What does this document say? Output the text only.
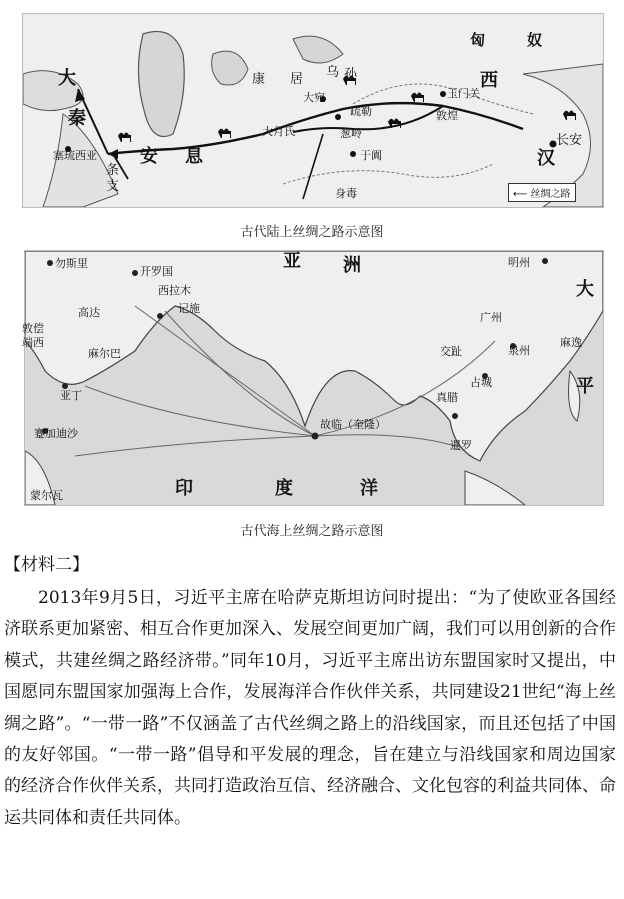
匈	奴
大
秦
康 居 乌 孙
大宛
大月氏
疏勒
葱岭
于阗
玉门关
敦煌
西
汉
长安
安 息
塞琉西亚
条
支	身毒	⟵ 丝绸之路
古代陆上丝绸之路示意图
亚 洲
印	度	洋
大
平
勿斯里
开罗国
西拉木
记施
高达
敦偿
端西
麻尔巴
亚丁
蹇加迪沙
蒙尔瓦
明州
广州
泉州
麻逸
交趾
占城
真腊
暹罗
故临（奎隆）
古代海上丝绸之路示意图
【材料二】

2013年9月5日，习近平主席在哈萨克斯坦访问时提出：“为了使欧亚各国经济联系更加紧密、相互合作更加深入、发展空间更加广阔，我们可以用创新的合作模式，共建丝绸之路经济带。”同年10月，习近平主席出访东盟国家时又提出，中国愿同东盟国家加强海上合作，发展海洋合作伙伴关系，共同建设21世纪“海上丝绸之路”。“一带一路”不仅涵盖了古代丝绸之路上的沿线国家，而且还包括了中国的友好邻国。“一带一路”倡导和平发展的理念，旨在建立与沿线国家和周边国家的经济合作伙伴关系，共同打造政治互信、经济融合、文化包容的利益共同体、命运共同体和责任共同体。
